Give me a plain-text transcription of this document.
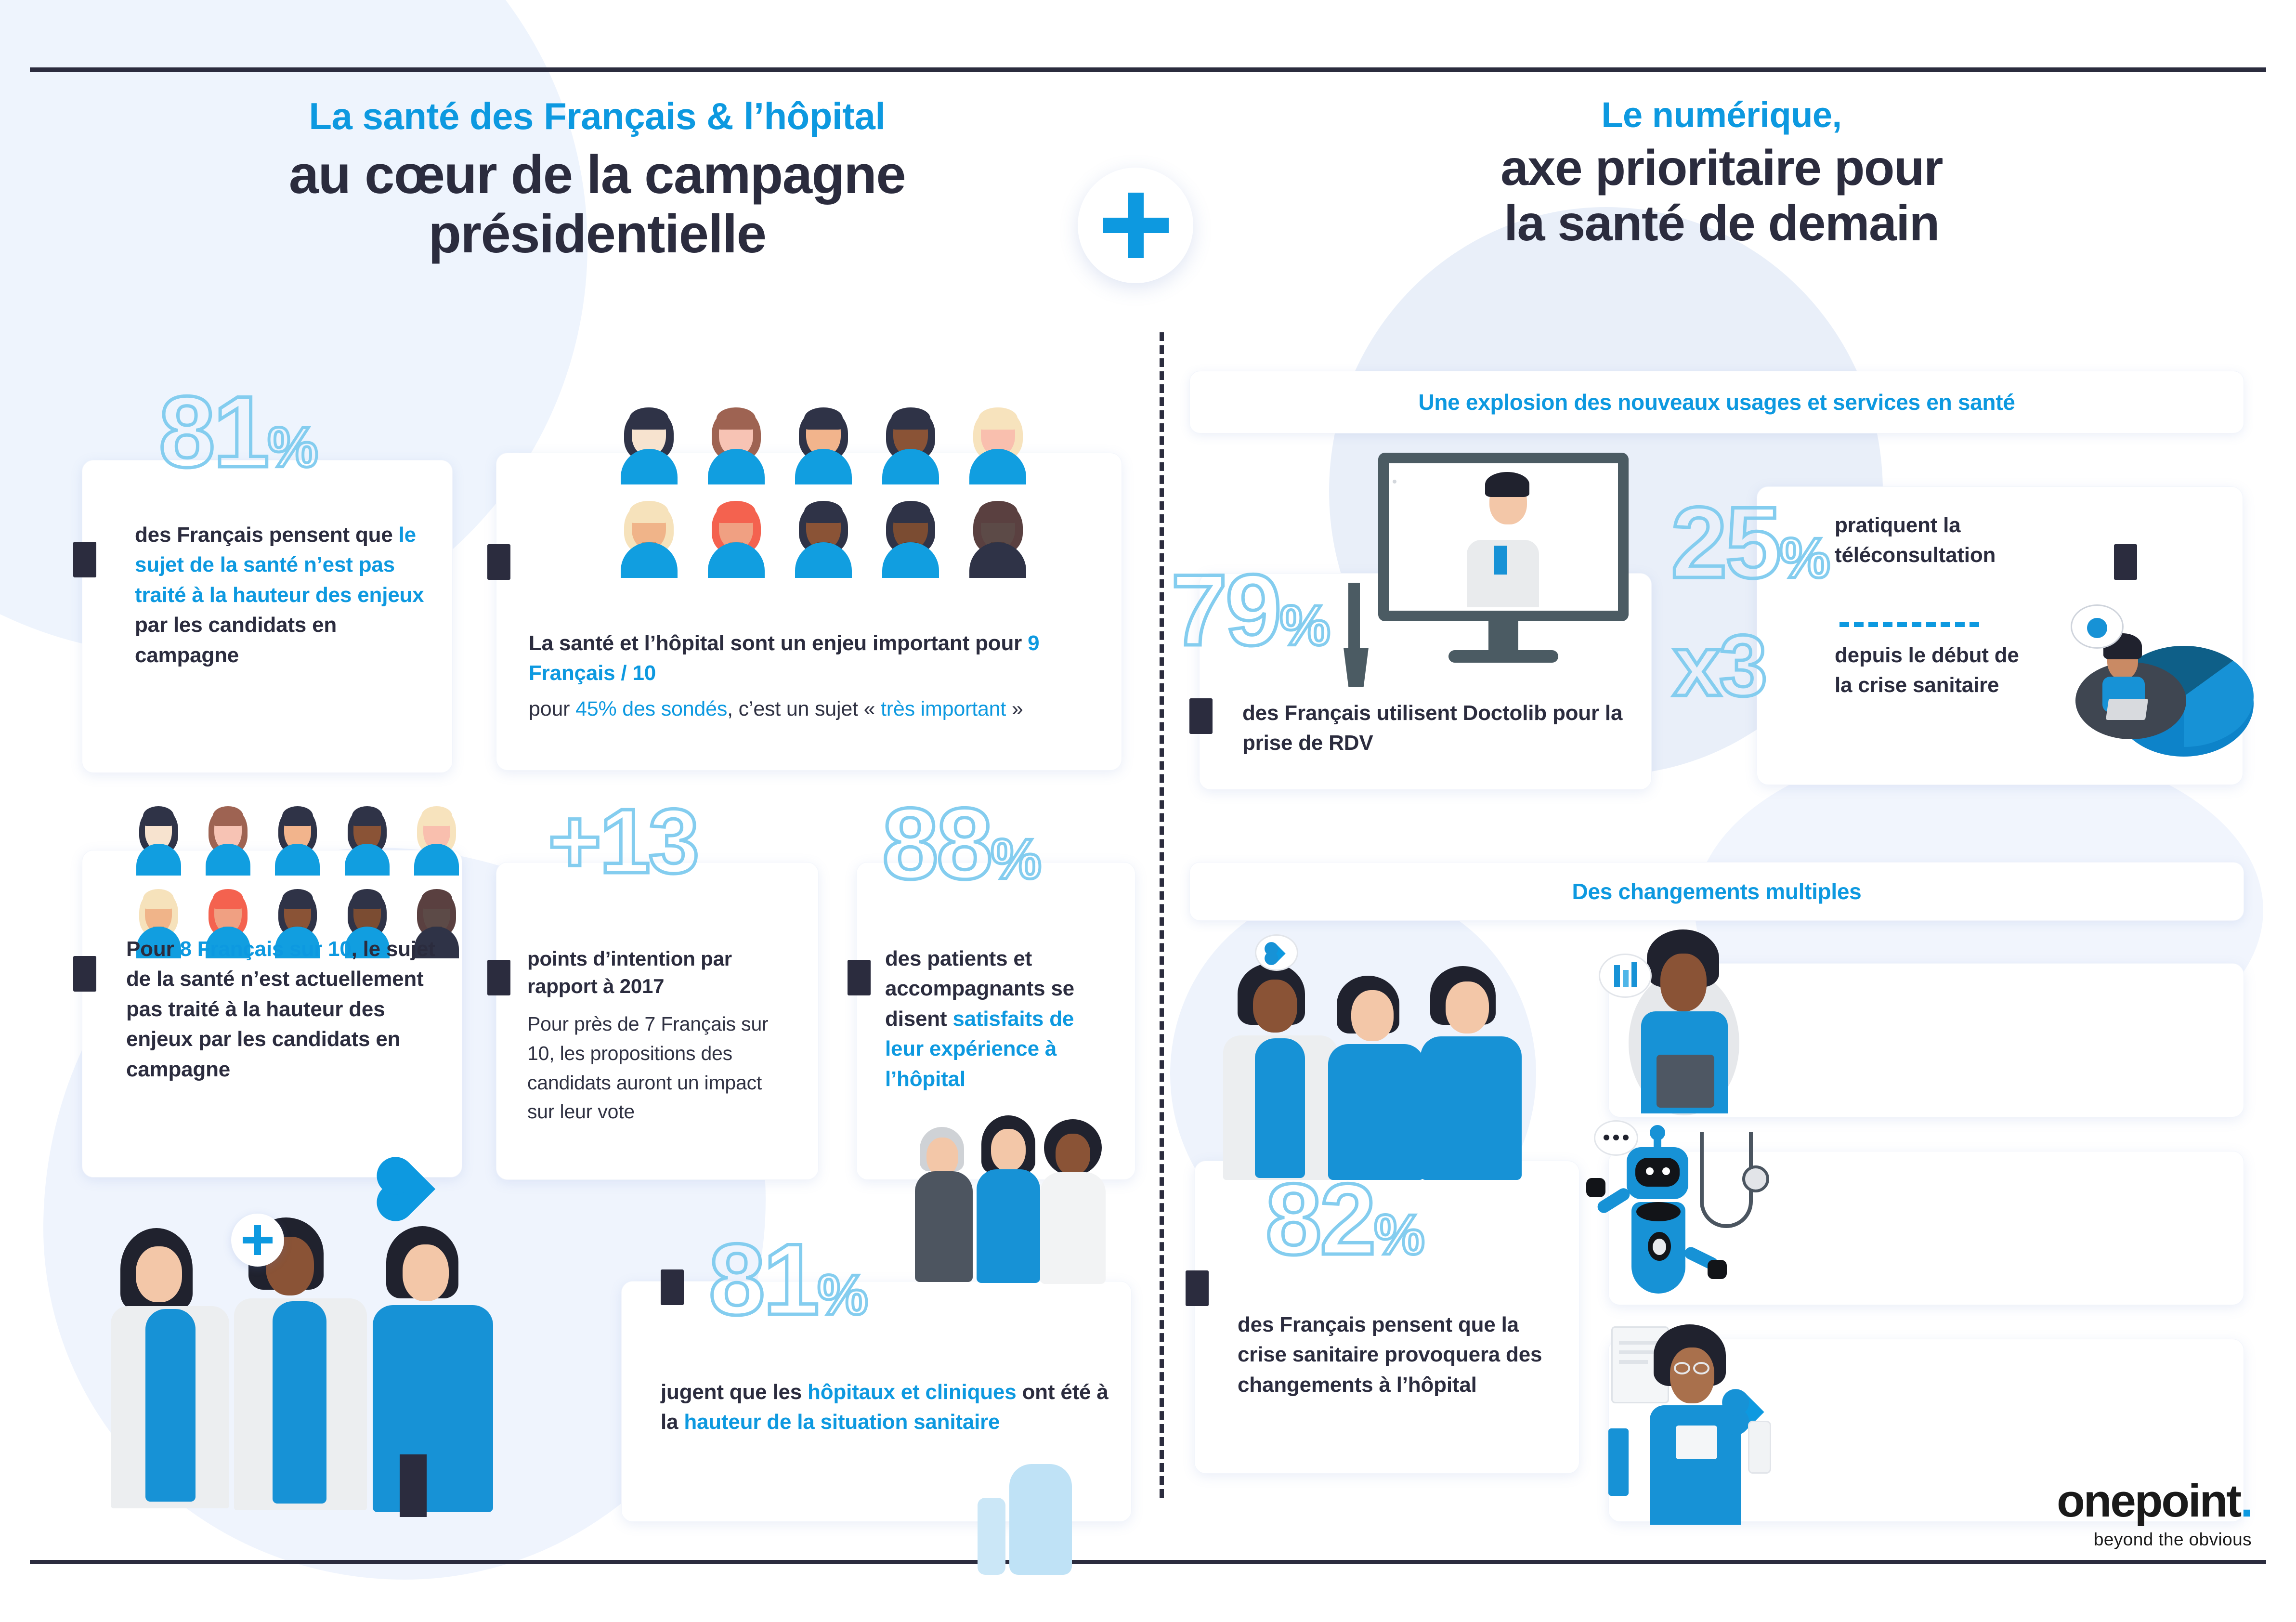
La santé des Français & l’hôpital
au cœur de la campagne
présidentielle
81%
des Français pensent que le sujet de la santé n’est pas traité à la hauteur des enjeux par les candidats en campagne
La santé et l’hôpital sont un enjeu important pour 9 Français / 10
pour 45% des sondés, c’est un sujet « très important »
Pour 8 Français sur 10, le sujet de la santé n’est actuellement pas traité à la hauteur des enjeux par les candidats en campagne
+13
points d’intention par rapport à 2017
Pour près de 7 Français sur 10, les propositions des candidats auront un impact sur leur vote
88%
des patients et accompagnants se disent satisfaits de leur expérience à l’hôpital
81%
jugent que les hôpitaux et cliniques ont été à la hauteur de la situation sanitaire
Le numérique,
axe prioritaire pour
la santé de demain
Une explosion des nouveaux usages et services en santé
79%
des Français utilisent Doctolib pour la prise de RDV
25%
pratiquent la téléconsultation
x3	depuis le début de la crise sanitaire
Des changements multiples
82%
des Français pensent que la crise sanitaire provoquera des changements à l’hôpital
onepoint.
beyond the obvious
